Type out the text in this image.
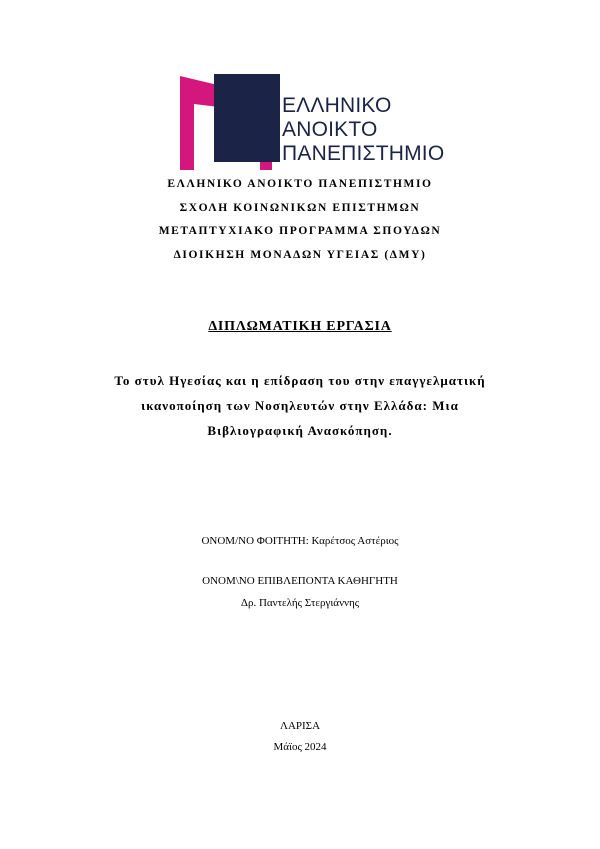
ΕΛΛΗΝΙΚΟ
ΑΝΟΙΚΤΟ
ΠΑΝΕΠΙΣΤΗΜΙΟ
ΕΛΛΗΝΙΚΟ ΑΝΟΙΚΤΟ ΠΑΝΕΠΙΣΤΗΜΙΟ
ΣΧΟΛΗ ΚΟΙΝΩΝΙΚΩΝ ΕΠΙΣΤΗΜΩΝ
ΜΕΤΑΠΤΥΧΙΑΚΟ ΠΡΟΓΡΑΜΜΑ ΣΠΟΥΔΩΝ
ΔΙΟΙΚΗΣΗ ΜΟΝΑΔΩΝ ΥΓΕΙΑΣ (ΔΜΥ)
ΔΙΠΛΩΜΑΤΙΚΗ ΕΡΓΑΣΙΑ
Το στυλ Ηγεσίας και η επίδραση του στην επαγγελματική
ικανοποίηση των Νοσηλευτών στην Ελλάδα: Μια
Βιβλιογραφική Ανασκόπηση.
ΟΝΟΜ/ΝΟ ΦΟΙΤΗΤΗ: Καρέτσος Αστέριος
ΟΝΟΜ\ΝΟ ΕΠΙΒΛΕΠΟΝΤΑ ΚΑΘΗΓΗΤΗ
Δρ. Παντελής Στεργιάννης
ΛΑΡΙΣΑ
Μάϊος 2024
